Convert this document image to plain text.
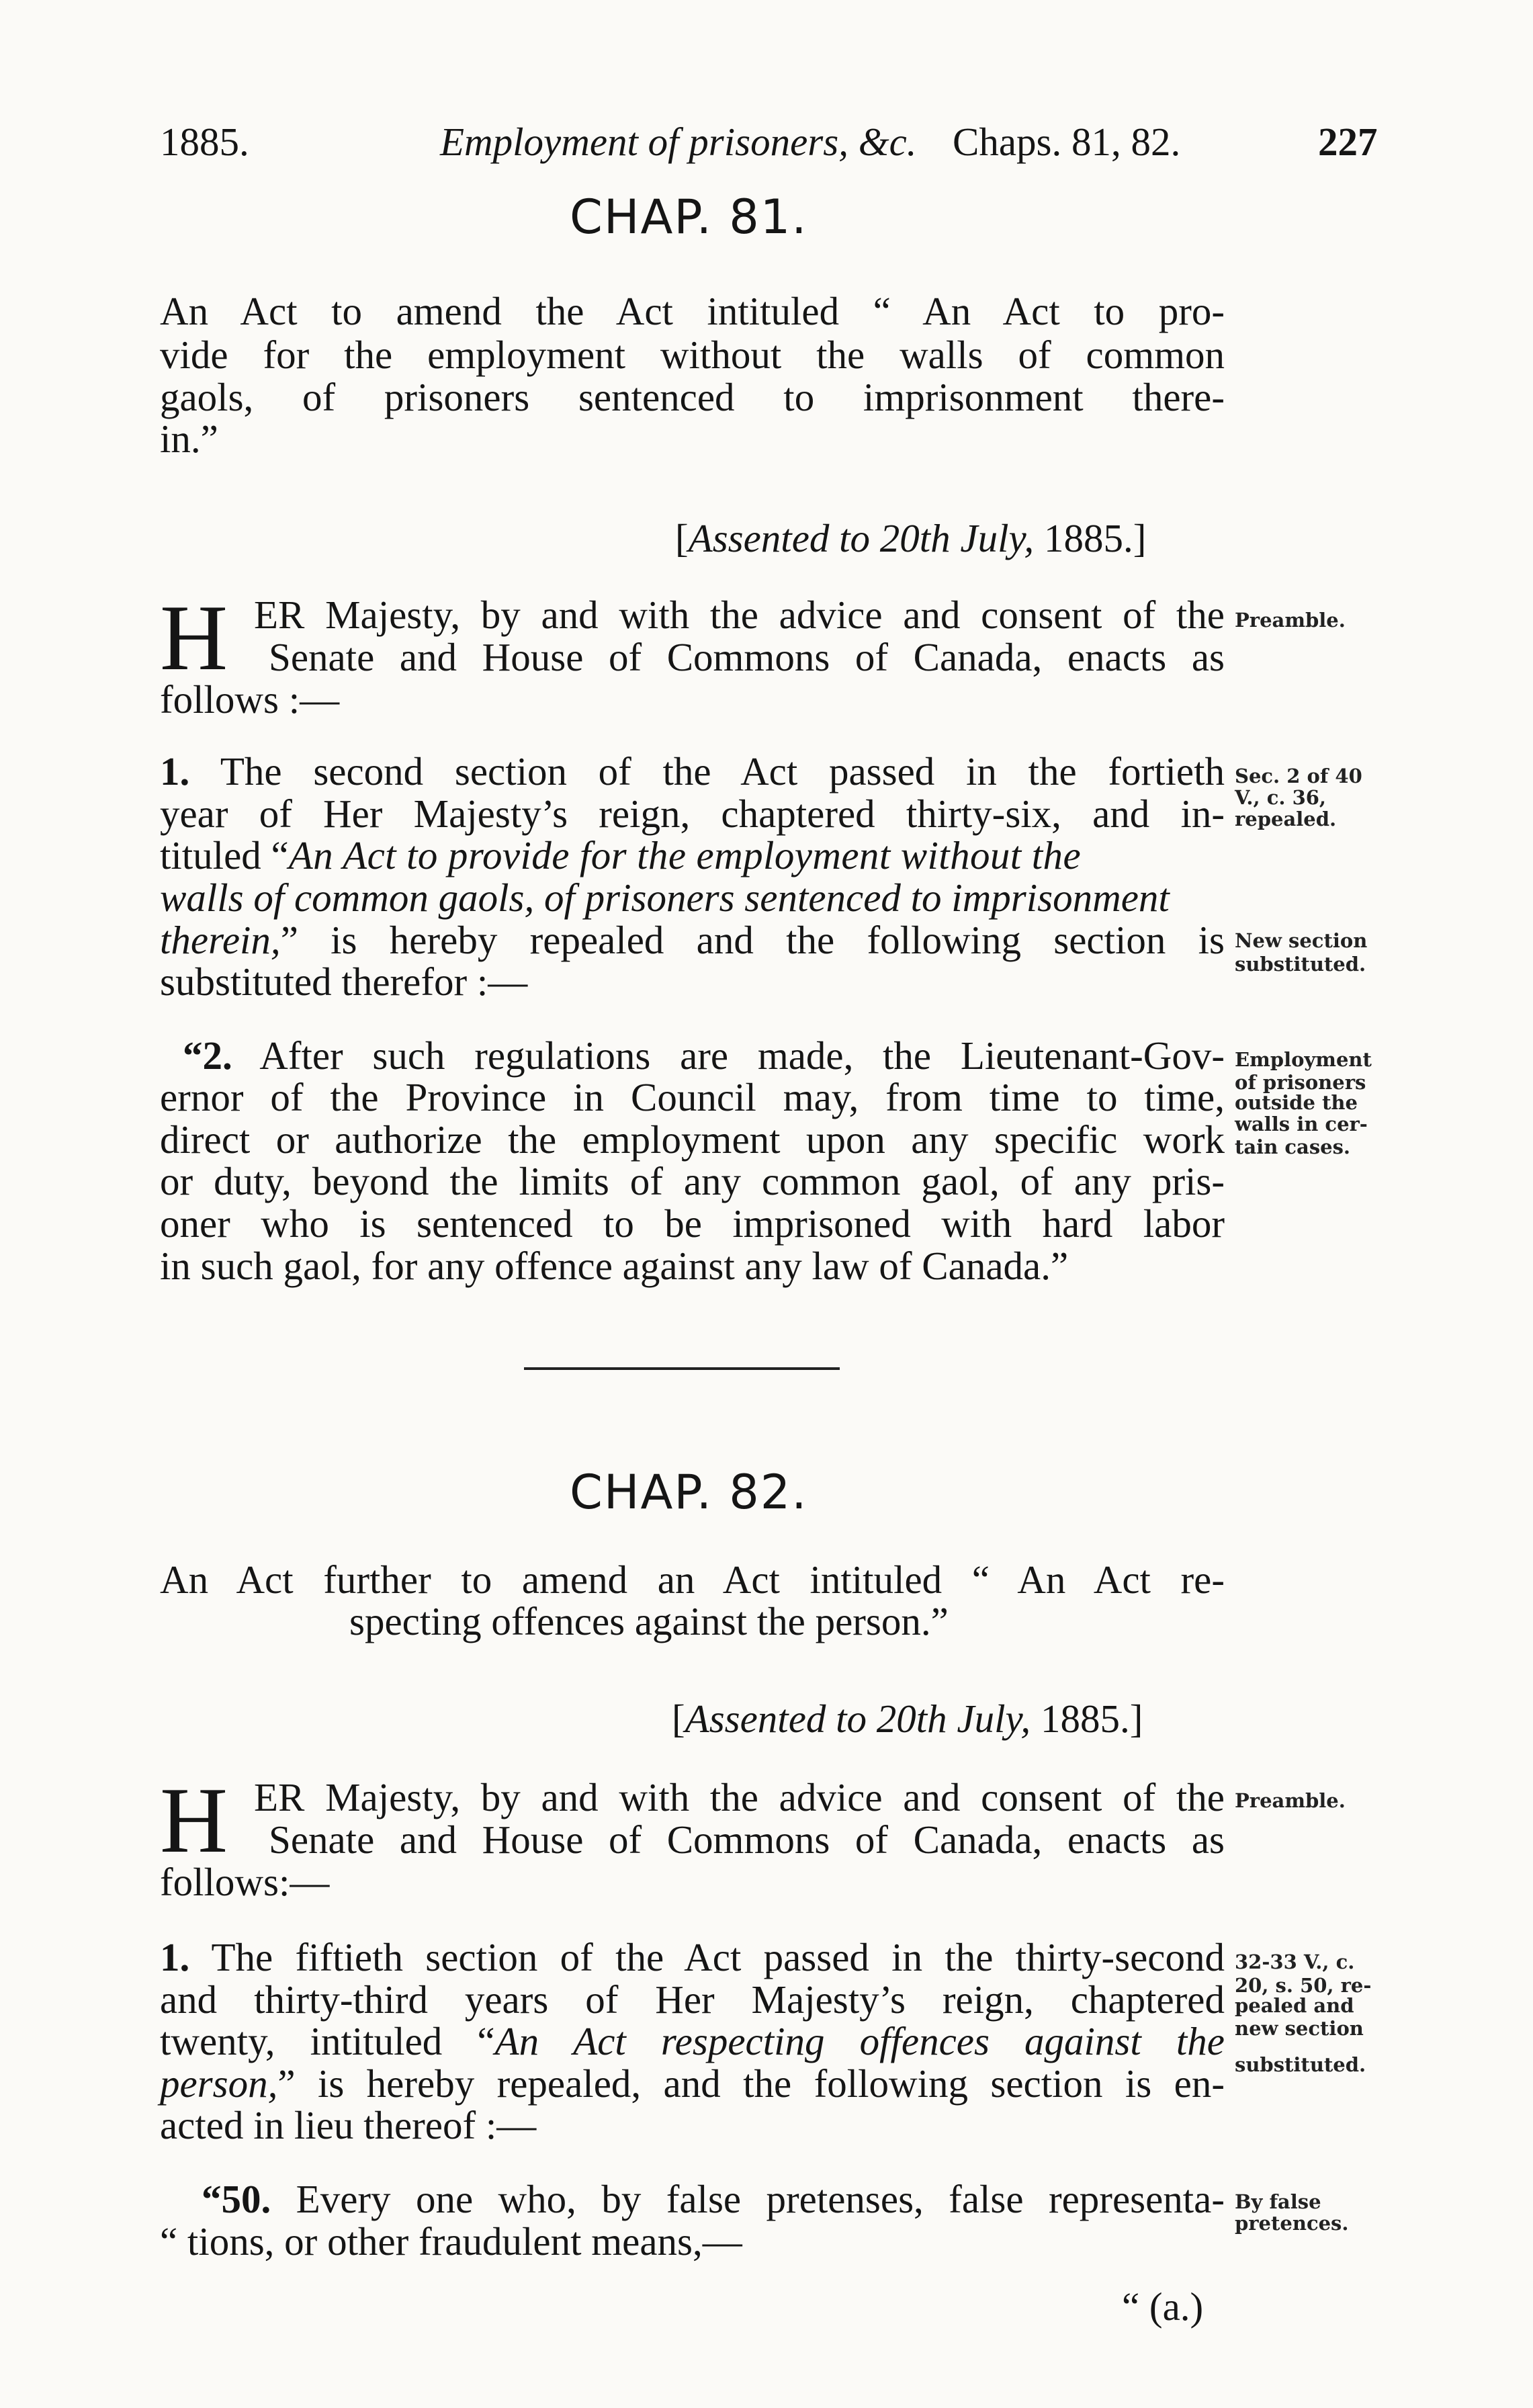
1885.	Employment of prisoners, &c. Chaps. 81, 82.	227
CHAP. 81.
An Act to amend the Act intituled “ An Act to pro-
vide for the employment without the walls of common
gaols, of prisoners sentenced to imprisonment there-
in.”
[Assented to 20th July, 1885.]
H ER Majesty, by and with the advice and consent of the
Senate and House of Commons of Canada, enacts as
follows :—
Preamble.
1. The second section of the Act passed in the fortieth
year of Her Majesty’s reign, chaptered thirty-six, and in-
tituled “An Act to provide for the employment without the
walls of common gaols, of prisoners sentenced to imprisonment
therein,” is hereby repealed and the following section is
substituted therefor :—
Sec. 2 of 40
V., c. 36,
repealed.
New section
substituted.
“2. After such regulations are made, the Lieutenant-Gov-
ernor of the Province in Council may, from time to time,
direct or authorize the employment upon any specific work
or duty, beyond the limits of any common gaol, of any pris-
oner who is sentenced to be imprisoned with hard labor
in such gaol, for any offence against any law of Canada.”
Employment
of prisoners
outside the
walls in cer-
tain cases.
CHAP. 82.
An Act further to amend an Act intituled “ An Act re-
specting offences against the person.”
[Assented to 20th July, 1885.]
H ER Majesty, by and with the advice and consent of the
Senate and House of Commons of Canada, enacts as
follows:—
Preamble.
1. The fiftieth section of the Act passed in the thirty-second
and thirty-third years of Her Majesty’s reign, chaptered
twenty, intituled “An Act respecting offences against the
person,” is hereby repealed, and the following section is en-
acted in lieu thereof :—
32-33 V., c.
20, s. 50, re-
pealed and
new section
substituted.
“50. Every one who, by false pretenses, false representa-
“ tions, or other fraudulent means,—
“ (a.)
By false
pretences.
